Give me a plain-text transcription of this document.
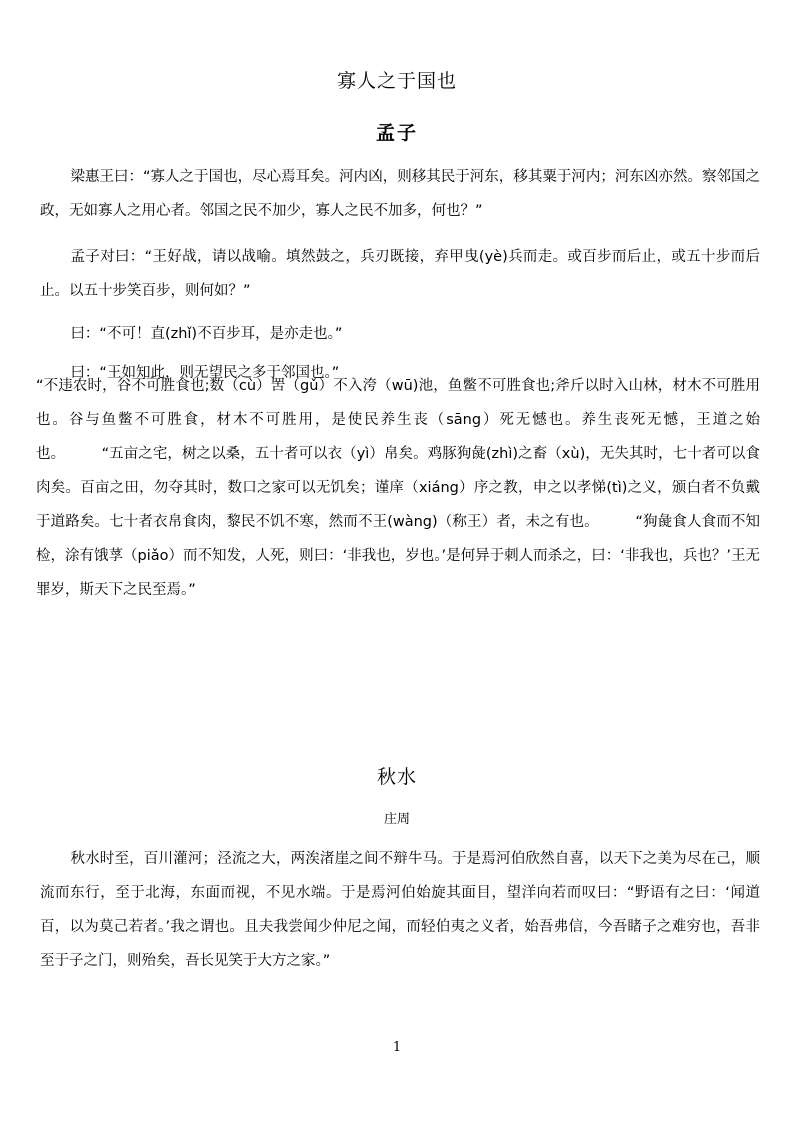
寡人之于国也
孟子
梁惠王曰：“寡人之于国也，尽心焉耳矣。河内凶，则移其民于河东，移其粟于河内；河东凶亦然。察邻国之政，无如寡人之用心者。邻国之民不加少，寡人之民不加多，何也？”
孟子对曰：“王好战，请以战喻。填然鼓之，兵刃既接，弃甲曳(yè)兵而走。或百步而后止，或五十步而后止。以五十步笑百步，则何如？”
曰：“不可！直(zhǐ)不百步耳，是亦走也。”
曰：“王如知此，则无望民之多于邻国也。”
“不违农时，谷不可胜食也;数（cù）罟（gǔ）不入洿（wū)池，鱼鳖不可胜食也;斧斤以时入山林，材木不可胜用也。谷与鱼鳖不可胜食，材木不可胜用，是使民养生丧（sāng）死无憾也。养生丧死无憾，王道之始也。　　　“五亩之宅，树之以桑，五十者可以衣（yì）帛矣。鸡豚狗彘(zhì)之畜（xù)，无失其时，七十者可以食肉矣。百亩之田，勿夺其时，数口之家可以无饥矣；谨庠（xiáng）序之教，申之以孝悌(tì)之义，颁白者不负戴于道路矣。七十者衣帛食肉，黎民不饥不寒，然而不王(wàng)（称王）者，未之有也。　　　“狗彘食人食而不知检，涂有饿莩（piǎo）而不知发，人死，则曰：‘非我也，岁也。’是何异于刺人而杀之，曰：‘非我也，兵也？’王无罪岁，斯天下之民至焉。”
秋水
庄周
秋水时至，百川灌河；泾流之大，两涘渚崖之间不辩牛马。于是焉河伯欣然自喜，以天下之美为尽在己，顺流而东行，至于北海，东面而视，不见水端。于是焉河伯始旋其面目，望洋向若而叹曰：“野语有之曰：‘闻道百，以为莫己若者。’我之谓也。且夫我尝闻少仲尼之闻，而轻伯夷之义者，始吾弗信，今吾睹子之难穷也，吾非至于子之门，则殆矣，吾长见笑于大方之家。”
1
